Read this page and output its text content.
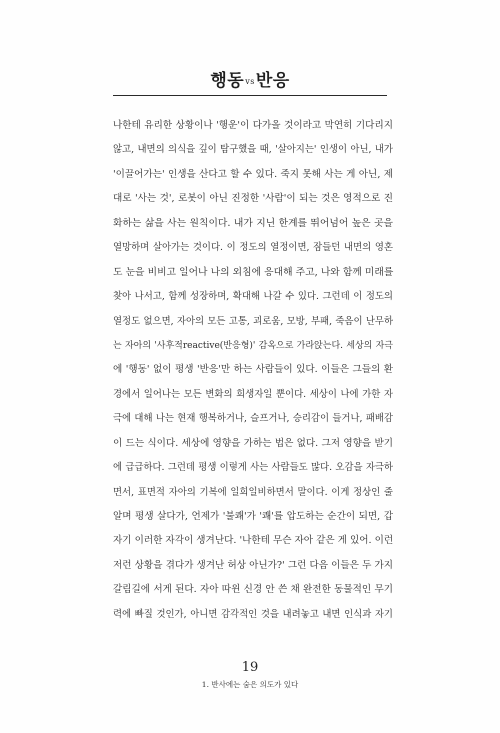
행동vs반응
나한테 유리한 상황이나 '행운'이 다가올 것이라고 막연히 기다리지
않고, 내면의 의식을 깊이 탐구했을 때, '살아지는' 인생이 아닌, 내가
'이끌어가는' 인생을 산다고 할 수 있다. 죽지 못해 사는 게 아닌, 제
대로 '사는 것', 로봇이 아닌 진정한 '사람'이 되는 것은 영적으로 진
화하는 삶을 사는 원칙이다. 내가 지닌 한계를 뛰어넘어 높은 곳을
열망하며 살아가는 것이다. 이 정도의 열정이면, 잠들던 내면의 영혼
도 눈을 비비고 일어나 나의 외침에 응대해 주고, 나와 함께 미래를
찾아 나서고, 함께 성장하며, 확대해 나갈 수 있다. 그런데 이 정도의
열정도 없으면, 자아의 모든 고통, 괴로움, 모방, 부패, 죽음이 난무하
는 자아의 '사후적reactive(반응형)' 감옥으로 가라앉는다. 세상의 자극
에 '행동' 없이 평생 '반응'만 하는 사람들이 있다. 이들은 그들의 환
경에서 일어나는 모든 변화의 희생자일 뿐이다. 세상이 나에 가한 자
극에 대해 나는 현재 행복하거나, 슬프거나, 승리감이 들거나, 패배감
이 드는 식이다. 세상에 영향을 가하는 법은 없다. 그저 영향을 받기
에 급급하다. 그런데 평생 이렇게 사는 사람들도 많다. 오감을 자극하
면서, 표면적 자아의 기복에 일희일비하면서 말이다. 이게 정상인 줄
알며 평생 살다가, 언제가 '불쾌'가 '쾌'를 압도하는 순간이 되면, 갑
자기 이러한 자각이 생겨난다. '나한테 무슨 자아 같은 게 있어. 이런
저런 상황을 겪다가 생겨난 허상 아닌가?' 그런 다음 이들은 두 가지
갈림길에 서게 된다. 자아 따윈 신경 안 쓴 채 완전한 동물적인 무기
력에 빠질 것인가, 아니면 감각적인 것을 내려놓고 내면 인식과 자기
19
1. 반사에는 숨은 의도가 있다
